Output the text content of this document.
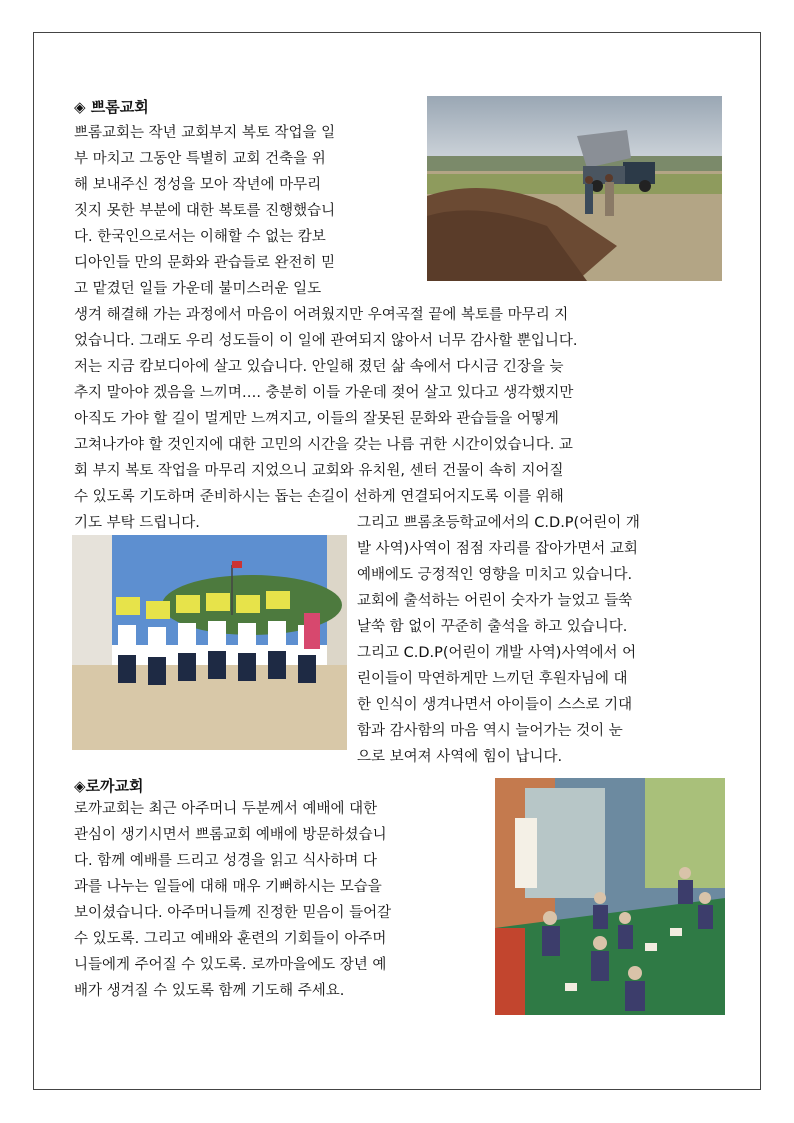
◈ 쁘롬교회
쁘롬교회는 작년 교회부지 복토 작업을 일
부 마치고 그동안 특별히 교회 건축을 위
해 보내주신 정성을 모아 작년에 마무리
짓지 못한 부분에 대한 복토를 진행했습니
다. 한국인으로서는 이해할 수 없는 캄보
디아인들 만의 문화와 관습들로 완전히 믿
고 맡겼던 일들 가운데 불미스러운 일도
생겨 해결해 가는 과정에서 마음이 어려웠지만 우여곡절 끝에 복토를 마무리 지
었습니다. 그래도 우리 성도들이 이 일에 관여되지 않아서 너무 감사할 뿐입니다.
저는 지금 캄보디아에 살고 있습니다. 안일해 졌던 삶 속에서 다시금 긴장을 늦
추지 말아야 겠음을 느끼며…. 충분히 이들 가운데 젖어 살고 있다고 생각했지만
아직도 가야 할 길이 멀게만 느껴지고, 이들의 잘못된 문화와 관습들을 어떻게
고쳐나가야 할 것인지에 대한 고민의 시간을 갖는 나름 귀한 시간이었습니다. 교
회 부지 복토 작업을 마무리 지었으니 교회와 유치원, 센터 건물이 속히 지어질
수 있도록 기도하며 준비하시는 돕는 손길이 선하게 연결되어지도록 이를 위해
기도 부탁 드립니다.	그리고 쁘롬초등학교에서의 C.D.P(어린이 개
발 사역)사역이 점점 자리를 잡아가면서 교회
예배에도 긍정적인 영향을 미치고 있습니다.
교회에 출석하는 어린이 숫자가 늘었고 들쑥
날쑥 함 없이 꾸준히 출석을 하고 있습니다.
그리고 C.D.P(어린이 개발 사역)사역에서 어
린이들이 막연하게만 느끼던 후원자님에 대
한 인식이 생겨나면서 아이들이 스스로 기대
함과 감사함의 마음 역시 늘어가는 것이 눈
으로 보여져 사역에 힘이 납니다.
◈로까교회
로까교회는 최근 아주머니 두분께서 예배에 대한
관심이 생기시면서 쁘롬교회 예배에 방문하셨습니
다. 함께 예배를 드리고 성경을 읽고 식사하며 다
과를 나누는 일들에 대해 매우 기뻐하시는 모습을
보이셨습니다. 아주머니들께 진정한 믿음이 들어갈
수 있도록. 그리고 예배와 훈련의 기회들이 아주머
니들에게 주어질 수 있도록. 로까마을에도 장년 예
배가 생겨질 수 있도록 함께 기도해 주세요.
